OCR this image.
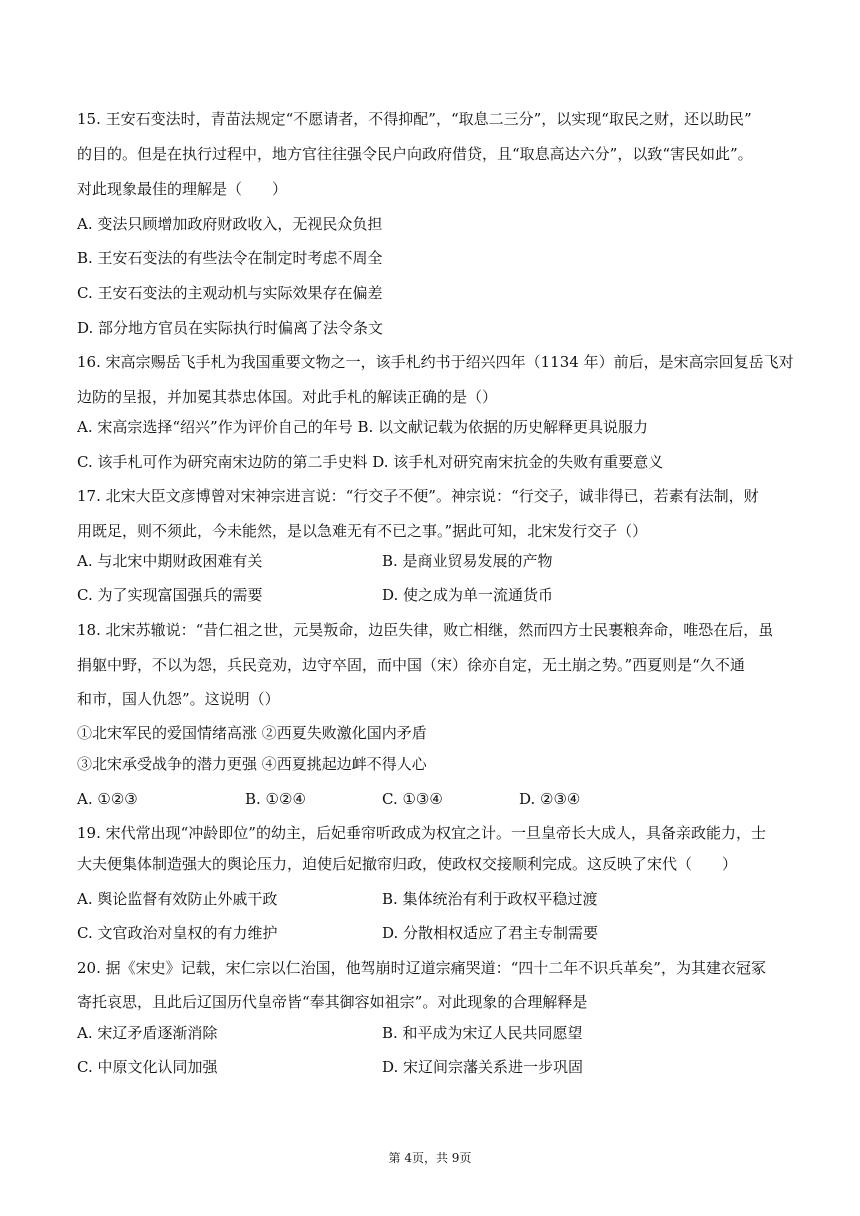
15. 王安石变法时，青苗法规定“不愿请者，不得抑配”，“取息二三分”，以实现“取民之财，还以助民”
的目的。但是在执行过程中，地方官往往强令民户向政府借贷，且“取息高达六分”，以致“害民如此”。
对此现象最佳的理解是（　　）
A. 变法只顾增加政府财政收入，无视民众负担
B. 王安石变法的有些法令在制定时考虑不周全
C. 王安石变法的主观动机与实际效果存在偏差
D. 部分地方官员在实际执行时偏离了法令条文
16. 宋高宗赐岳飞手札为我国重要文物之一，该手札约书于绍兴四年（1134 年）前后，是宋高宗回复岳飞对
边防的呈报，并加冕其恭忠体国。对此手札的解读正确的是（）
A. 宋高宗选择“绍兴”作为评价自己的年号 B. 以文献记载为依据的历史解释更具说服力
C. 该手札可作为研究南宋边防的第二手史料 D. 该手札对研究南宋抗金的失败有重要意义
17. 北宋大臣文彦博曾对宋神宗进言说：“行交子不便”。神宗说：“行交子，诚非得已，若素有法制，财
用既足，则不须此，今未能然，是以急难无有不已之事。”据此可知，北宋发行交子（）
A. 与北宋中期财政困难有关	B. 是商业贸易发展的产物
C. 为了实现富国强兵的需要	D. 使之成为单一流通货币
18. 北宋苏辙说：“昔仁祖之世，元昊叛命，边臣失律，败亡相继，然而四方士民裹粮奔命，唯恐在后，虽
捐躯中野，不以为怨，兵民竞劝，边守卒固，而中国（宋）徐亦自定，无土崩之势。”西夏则是“久不通
和市，国人仇怨”。这说明（）
①北宋军民的爱国情绪高涨 ②西夏失败激化国内矛盾
③北宋承受战争的潜力更强 ④西夏挑起边衅不得人心
A. ①②③	B. ①②④	C. ①③④	D. ②③④
19. 宋代常出现“冲龄即位”的幼主，后妃垂帘听政成为权宜之计。一旦皇帝长大成人，具备亲政能力，士
大夫便集体制造强大的舆论压力，迫使后妃撤帘归政，使政权交接顺利完成。这反映了宋代（　　）
A. 舆论监督有效防止外戚干政	B. 集体统治有利于政权平稳过渡
C. 文官政治对皇权的有力维护	D. 分散相权适应了君主专制需要
20. 据《宋史》记载，宋仁宗以仁治国，他驾崩时辽道宗痛哭道：“四十二年不识兵革矣”，为其建衣冠冢
寄托哀思，且此后辽国历代皇帝皆“奉其御容如祖宗”。对此现象的合理解释是
A. 宋辽矛盾逐渐消除	B. 和平成为宋辽人民共同愿望
C. 中原文化认同加强	D. 宋辽间宗藩关系进一步巩固
第 4页，共 9页
